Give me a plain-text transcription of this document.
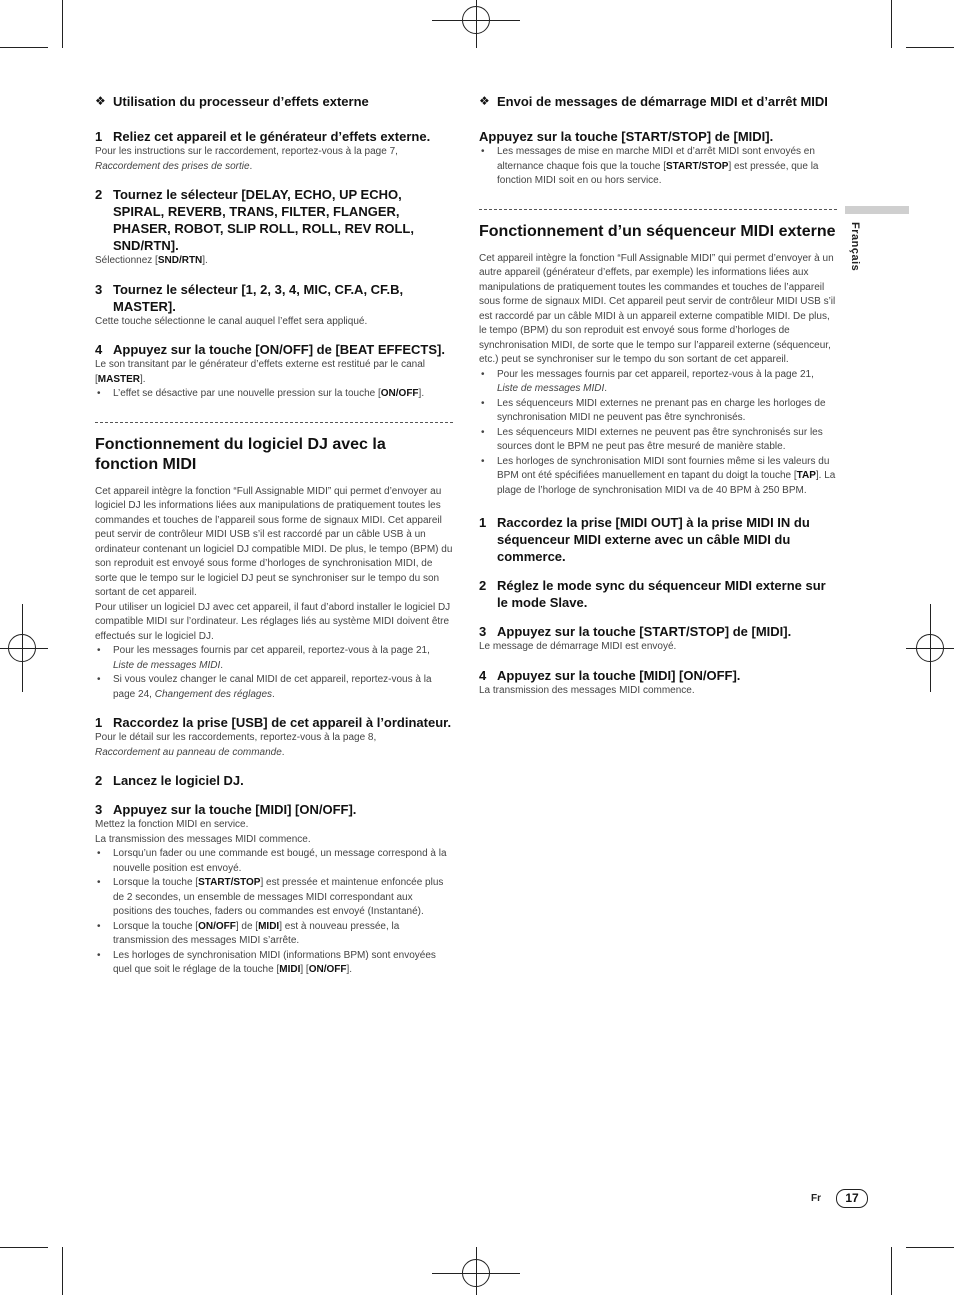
❖ Utilisation du processeur d’effets externe
1 Reliez cet appareil et le générateur d’effets externe.
Pour les instructions sur le raccordement, reportez-vous à la page 7,
Raccordement des prises de sortie.
2 Tournez le sélecteur [DELAY, ECHO, UP ECHO, SPIRAL, REVERB, TRANS, FILTER, FLANGER, PHASER, ROBOT, SLIP ROLL, ROLL, REV ROLL, SND/RTN].
Sélectionnez [SND/RTN].
3 Tournez le sélecteur [1, 2, 3, 4, MIC, CF.A, CF.B, MASTER].
Cette touche sélectionne le canal auquel l’effet sera appliqué.
4 Appuyez sur la touche [ON/OFF] de [BEAT EFFECTS].
Le son transitant par le générateur d’effets externe est restitué par le canal [MASTER].
• L’effet se désactive par une nouvelle pression sur la touche [ON/OFF].
Fonctionnement du logiciel DJ avec la fonction MIDI
Cet appareil intègre la fonction “Full Assignable MIDI” qui permet d’envoyer au logiciel DJ les informations liées aux manipulations de pratiquement toutes les commandes et touches de l’appareil sous forme de signaux MIDI. Cet appareil peut servir de contrôleur MIDI USB s’il est raccordé par un câble USB à un ordinateur contenant un logiciel DJ compatible MIDI. De plus, le tempo (BPM) du son reproduit est envoyé sous forme d’horloges de synchronisation MIDI, de sorte que le tempo sur le logiciel DJ peut se synchroniser sur le tempo du son sortant de cet appareil.
Pour utiliser un logiciel DJ avec cet appareil, il faut d’abord installer le logiciel DJ compatible MIDI sur l’ordinateur. Les réglages liés au système MIDI doivent être effectués sur le logiciel DJ.
• Pour les messages fournis par cet appareil, reportez-vous à la page 21, Liste de messages MIDI.
• Si vous voulez changer le canal MIDI de cet appareil, reportez-vous à la page 24, Changement des réglages.
1 Raccordez la prise [USB] de cet appareil à l’ordinateur.
Pour le détail sur les raccordements, reportez-vous à la page 8,
Raccordement au panneau de commande.
2 Lancez le logiciel DJ.
3 Appuyez sur la touche [MIDI] [ON/OFF].
Mettez la fonction MIDI en service.
La transmission des messages MIDI commence.
• Lorsqu’un fader ou une commande est bougé, un message correspond à la nouvelle position est envoyé.
• Lorsque la touche [START/STOP] est pressée et maintenue enfoncée plus de 2 secondes, un ensemble de messages MIDI correspondant aux positions des touches, faders ou commandes est envoyé (Instantané).
• Lorsque la touche [ON/OFF] de [MIDI] est à nouveau pressée, la transmission des messages MIDI s’arrête.
• Les horloges de synchronisation MIDI (informations BPM) sont envoyées quel que soit le réglage de la touche [MIDI] [ON/OFF].
❖ Envoi de messages de démarrage MIDI et d’arrêt MIDI
Appuyez sur la touche [START/STOP] de [MIDI].
• Les messages de mise en marche MIDI et d’arrêt MIDI sont envoyés en alternance chaque fois que la touche [START/STOP] est pressée, que la fonction MIDI soit en ou hors service.
Fonctionnement d’un séquenceur MIDI externe
Cet appareil intègre la fonction “Full Assignable MIDI” qui permet d’envoyer à un autre appareil (générateur d’effets, par exemple) les informations liées aux manipulations de pratiquement toutes les commandes et touches de l’appareil sous forme de signaux MIDI. Cet appareil peut servir de contrôleur MIDI USB s’il est raccordé par un câble MIDI à un appareil externe compatible MIDI. De plus, le tempo (BPM) du son reproduit est envoyé sous forme d’horloges de synchronisation MIDI, de sorte que le tempo sur l’appareil externe (séquenceur, etc.) peut se synchroniser sur le tempo du son sortant de cet appareil.
• Pour les messages fournis par cet appareil, reportez-vous à la page 21, Liste de messages MIDI.
• Les séquenceurs MIDI externes ne prenant pas en charge les horloges de synchronisation MIDI ne peuvent pas être synchronisés.
• Les séquenceurs MIDI externes ne peuvent pas être synchronisés sur les sources dont le BPM ne peut pas être mesuré de manière stable.
• Les horloges de synchronisation MIDI sont fournies même si les valeurs du BPM ont été spécifiées manuellement en tapant du doigt la touche [TAP]. La plage de l’horloge de synchronisation MIDI va de 40 BPM à 250 BPM.
1 Raccordez la prise [MIDI OUT] à la prise MIDI IN du séquenceur MIDI externe avec un câble MIDI du commerce.
2 Réglez le mode sync du séquenceur MIDI externe sur le mode Slave.
3 Appuyez sur la touche [START/STOP] de [MIDI].
Le message de démarrage MIDI est envoyé.
4 Appuyez sur la touche [MIDI] [ON/OFF].
La transmission des messages MIDI commence.
Français
Fr	17
